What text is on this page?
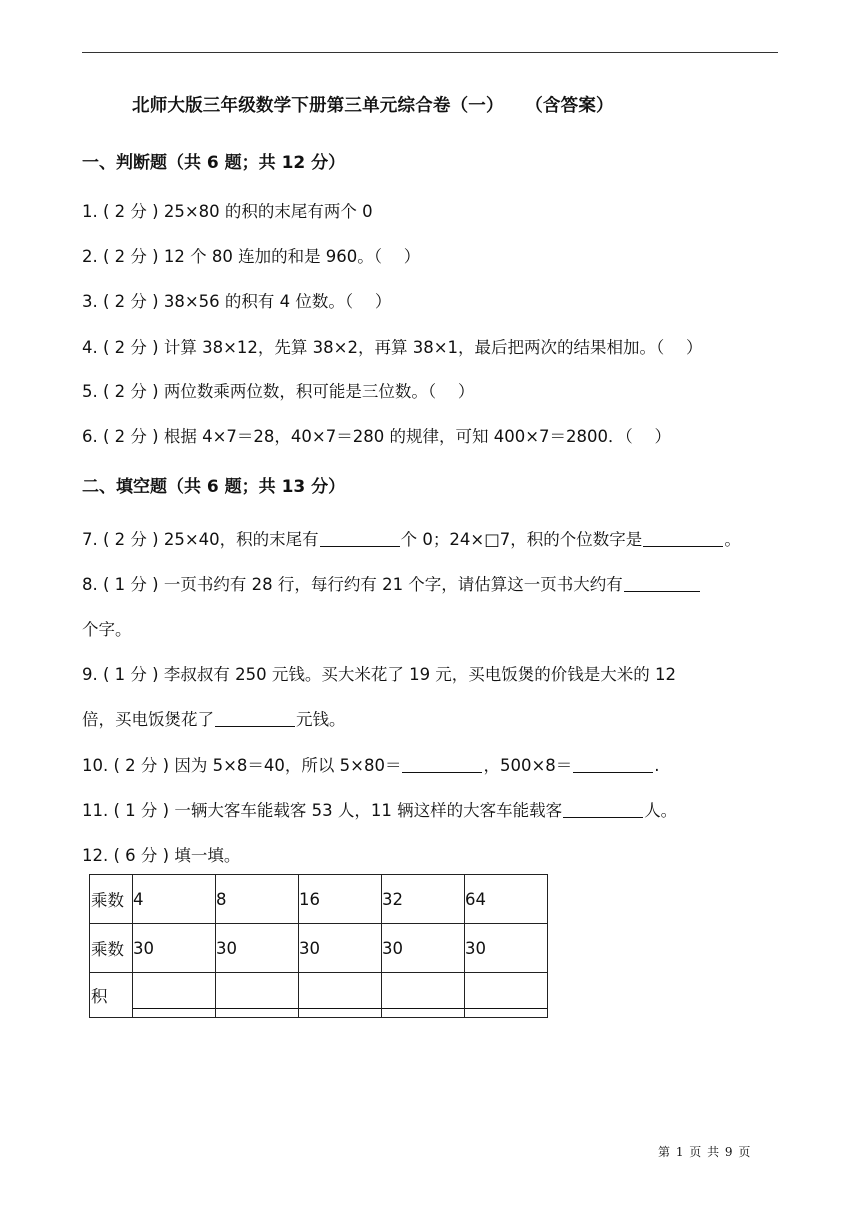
北师大版三年级数学下册第三单元综合卷（一）　  （含答案）
一、判断题（共 6 题；共 12 分）
1. ( 2 分 ) 25×80 的积的末尾有两个 0
2. ( 2 分 ) 12 个 80 连加的和是 960。（　 ）
3. ( 2 分 ) 38×56 的积有 4 位数。（　 ）
4. ( 2 分 ) 计算 38×12，先算 38×2，再算 38×1，最后把两次的结果相加。（　 ）
5. ( 2 分 ) 两位数乘两位数，积可能是三位数。（　 ）
6. ( 2 分 ) 根据 4×7＝28，40×7＝280 的规律，可知 400×7＝2800．（　 ）
二、填空题（共 6 题；共 13 分）
7. ( 2 分 ) 25×40，积的末尾有	个 0；24×□7，积的个位数字是	。
8. ( 1 分 ) 一页书约有 28 行，每行约有 21 个字，请估算这一页书大约有
个字。
9. ( 1 分 ) 李叔叔有 250 元钱。买大米花了 19 元，买电饭煲的价钱是大米的 12
倍，买电饭煲花了	元钱。
10. ( 2 分 ) 因为 5×8＝40，所以 5×80＝	，500×8＝	.
11. ( 1 分 ) 一辆大客车能载客 53 人，11 辆这样的大客车能载客	人。
12. ( 6 分 ) 填一填。
乘数	4	8	16	32	64
乘数	30	30	30	30	30
积	

第 1 页 共 9 页
